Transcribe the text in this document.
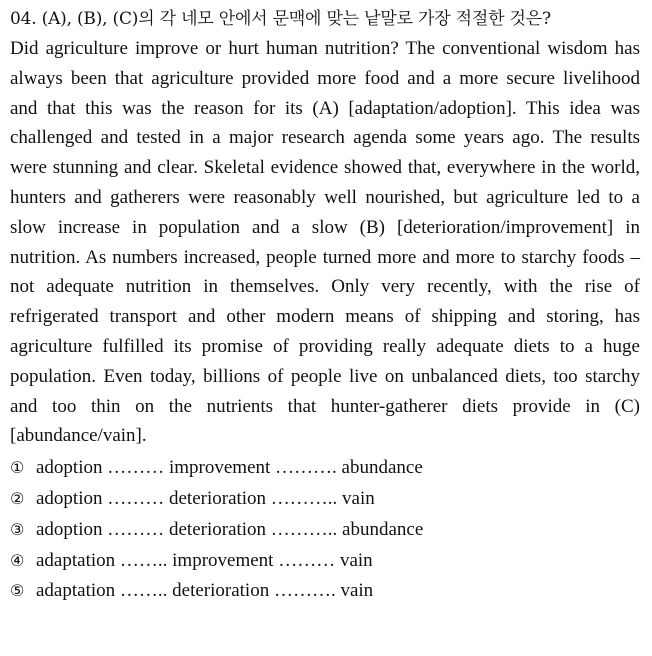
04. (A), (B), (C)의 각 네모 안에서 문맥에 맞는 낱말로 가장 적절한 것은?

Did agriculture improve or hurt human nutrition? The conventional wisdom has always been that agriculture provided more food and a more secure livelihood and that this was the reason for its (A) [adaptation/adoption]. This idea was challenged and tested in a major research agenda some years ago. The results were stunning and clear. Skeletal evidence showed that, everywhere in the world, hunters and gatherers were reasonably well nourished, but agriculture led to a slow increase in population and a slow (B) [deterioration/improvement] in nutrition. As numbers increased, people turned more and more to starchy foods – not adequate nutrition in themselves. Only very recently, with the rise of refrigerated transport and other modern means of shipping and storing, has agriculture fulfilled its promise of providing really adequate diets to a huge population. Even today, billions of people live on unbalanced diets, too starchy and too thin on the nutrients that hunter-gatherer diets provide in (C) [abundance/vain].

① adoption ……… improvement ………. abundance
② adoption ……… deterioration ……….. vain
③ adoption ……… deterioration ……….. abundance
④ adaptation …….. improvement ……… vain
⑤ adaptation …….. deterioration ………. vain
